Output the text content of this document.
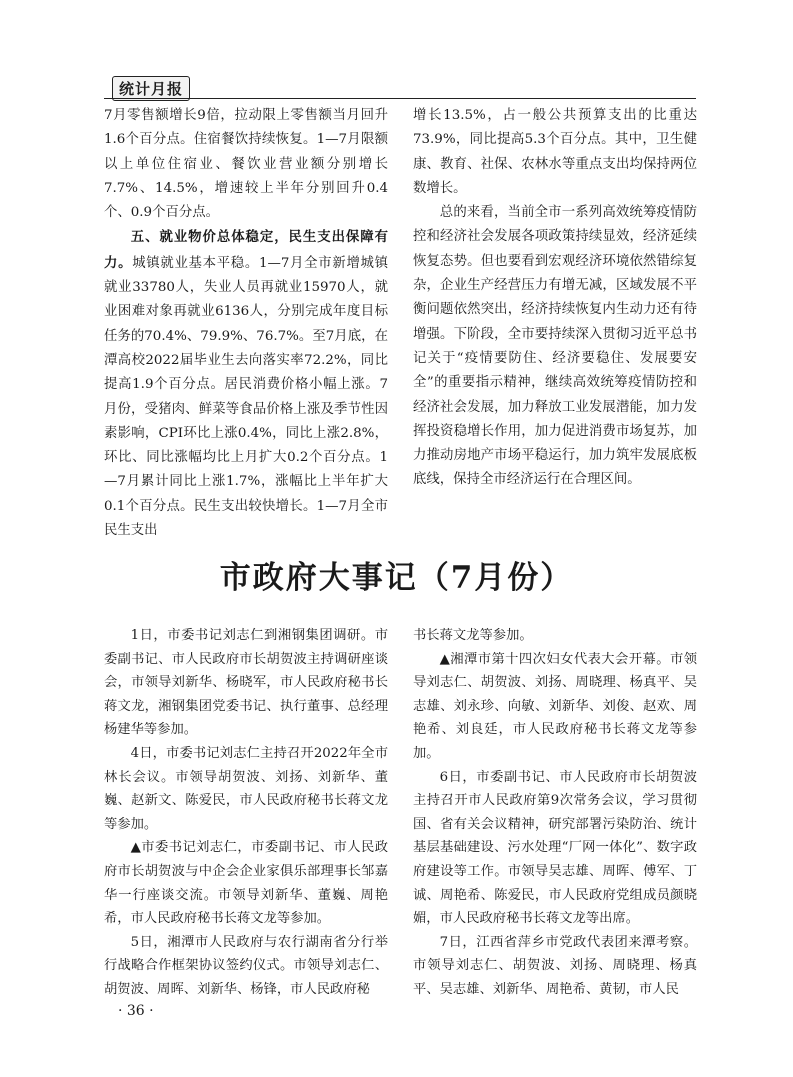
统计月报

7月零售额增长9倍，拉动限上零售额当月回升1.6个百分点。住宿餐饮持续恢复。1—7月限额以上单位住宿业、餐饮业营业额分别增长7.7%、14.5%，增速较上半年分别回升0.4个、0.9个百分点。

五、就业物价总体稳定，民生支出保障有力。城镇就业基本平稳。1—7月全市新增城镇就业33780人，失业人员再就业15970人，就业困难对象再就业6136人，分别完成年度目标任务的70.4%、79.9%、76.7%。至7月底，在潭高校2022届毕业生去向落实率72.2%，同比提高1.9个百分点。居民消费价格小幅上涨。7月份，受猪肉、鲜菜等食品价格上涨及季节性因素影响，CPI环比上涨0.4%，同比上涨2.8%，环比、同比涨幅均比上月扩大0.2个百分点。1—7月累计同比上涨1.7%，涨幅比上半年扩大0.1个百分点。民生支出较快增长。1—7月全市民生支出

增长13.5%，占一般公共预算支出的比重达73.9%，同比提高5.3个百分点。其中，卫生健康、教育、社保、农林水等重点支出均保持两位数增长。

总的来看，当前全市一系列高效统筹疫情防控和经济社会发展各项政策持续显效，经济延续恢复态势。但也要看到宏观经济环境依然错综复杂，企业生产经营压力有增无减，区域发展不平衡问题依然突出，经济持续恢复内生动力还有待增强。下阶段，全市要持续深入贯彻习近平总书记关于“疫情要防住、经济要稳住、发展要安全”的重要指示精神，继续高效统筹疫情防控和经济社会发展，加力释放工业发展潜能，加力发挥投资稳增长作用，加力促进消费市场复苏，加力推动房地产市场平稳运行，加力筑牢发展底板底线，保持全市经济运行在合理区间。

市政府大事记（7月份）

1日，市委书记刘志仁到湘钢集团调研。市委副书记、市人民政府市长胡贺波主持调研座谈会，市领导刘新华、杨晓军，市人民政府秘书长蒋文龙，湘钢集团党委书记、执行董事、总经理杨建华等参加。

4日，市委书记刘志仁主持召开2022年全市林长会议。市领导胡贺波、刘扬、刘新华、董巍、赵新文、陈爱民，市人民政府秘书长蒋文龙等参加。

▲市委书记刘志仁，市委副书记、市人民政府市长胡贺波与中企会企业家俱乐部理事长邹嘉华一行座谈交流。市领导刘新华、董巍、周艳希，市人民政府秘书长蒋文龙等参加。

5日，湘潭市人民政府与农行湖南省分行举行战略合作框架协议签约仪式。市领导刘志仁、胡贺波、周晖、刘新华、杨锋，市人民政府秘

书长蒋文龙等参加。

▲湘潭市第十四次妇女代表大会开幕。市领导刘志仁、胡贺波、刘扬、周晓理、杨真平、吴志雄、刘永珍、向敏、刘新华、刘俊、赵欢、周艳希、刘良廷，市人民政府秘书长蒋文龙等参加。

6日，市委副书记、市人民政府市长胡贺波主持召开市人民政府第9次常务会议，学习贯彻国、省有关会议精神，研究部署污染防治、统计基层基础建设、污水处理“厂网一体化”、数字政府建设等工作。市领导吴志雄、周晖、傅军、丁诚、周艳希、陈爱民，市人民政府党组成员颜晓媚，市人民政府秘书长蒋文龙等出席。

7日，江西省萍乡市党政代表团来潭考察。市领导刘志仁、胡贺波、刘扬、周晓理、杨真平、吴志雄、刘新华、周艳希、黄韧，市人民

· 36 ·
